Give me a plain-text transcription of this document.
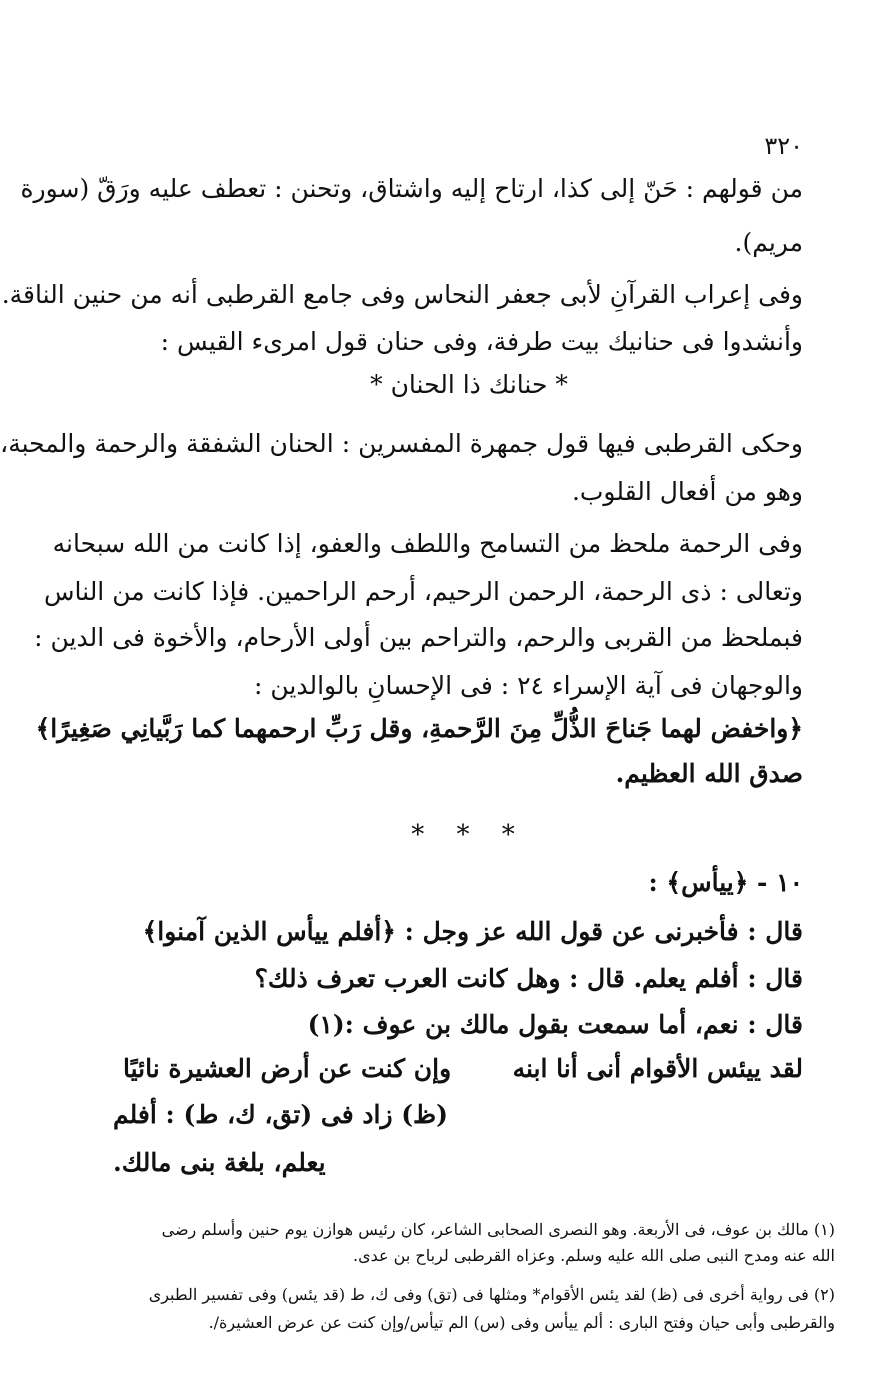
٣٢٠
من قولهم : حَنّ إلى كذا، ارتاح إليه واشتاق، وتحنن : تعطف عليه ورَقّ (سورة
مريم).
وفى إعراب القرآنِ لأبى جعفر النحاس وفى جامع القرطبى أنه من حنين الناقة.
وأنشدوا فى حنانيك بيت طرفة، وفى حنان قول امرىء القيس :
* حنانك ذا الحنان *
وحكى القرطبى فيها قول جمهرة المفسرين : الحنان الشفقة والرحمة والمحبة،
وهو من أفعال القلوب.
وفى الرحمة ملحظ من التسامح واللطف والعفو، إذا كانت من الله سبحانه
وتعالى : ذى الرحمة، الرحمن الرحيم، أرحم الراحمين. فإذا كانت من الناس
فبملحظ من القربى والرحم، والتراحم بين أولى الأرحام، والأخوة فى الدين :
والوجهان فى آية الإسراء ٢٤ : فى الإحسانِ بالوالدين :
﴿واخفض لهما جَناحَ الذُّلِّ مِنَ الرَّحمةِ، وقل رَبِّ ارحمهما كما رَبَّيانِي صَغِيرًا﴾
صدق الله العظيم.
* * *
١٠ - ﴿ييأس﴾ :
قال : فأخبرنى عن قول الله عز وجل : ﴿أفلم ييأس الذين آمنوا﴾
قال : أفلم يعلم. قال : وهل كانت العرب تعرف ذلك؟
قال : نعم، أما سمعت بقول مالك بن عوف :(١)
لقد ييئس الأقوام أنى أنا ابنه
وإن كنت عن أرض العشيرة نائيًا
(ظ) زاد فى (تق، ك، ط) : أفلم
يعلم، بلغة بنى مالك.
(١) مالك بن عوف، فى الأربعة. وهو النصرى الصحابى الشاعر، كان رئيس هوازن يوم حنين وأسلم رضى
الله عنه ومدح النبى صلى الله عليه وسلم. وعزاه القرطبى لرباح بن عدى.
(٢) فى رواية أخرى فى (ظ) لقد يئس الأقوام* ومثلها فى (تق) وفى ك، ط (قد يئس) وفى تفسير الطبرى
والقرطبى وأبى حيان وفتح البارى : ألم ييأس وفى (س) الم تيأس/وإن كنت عن عرض العشيرة/.
